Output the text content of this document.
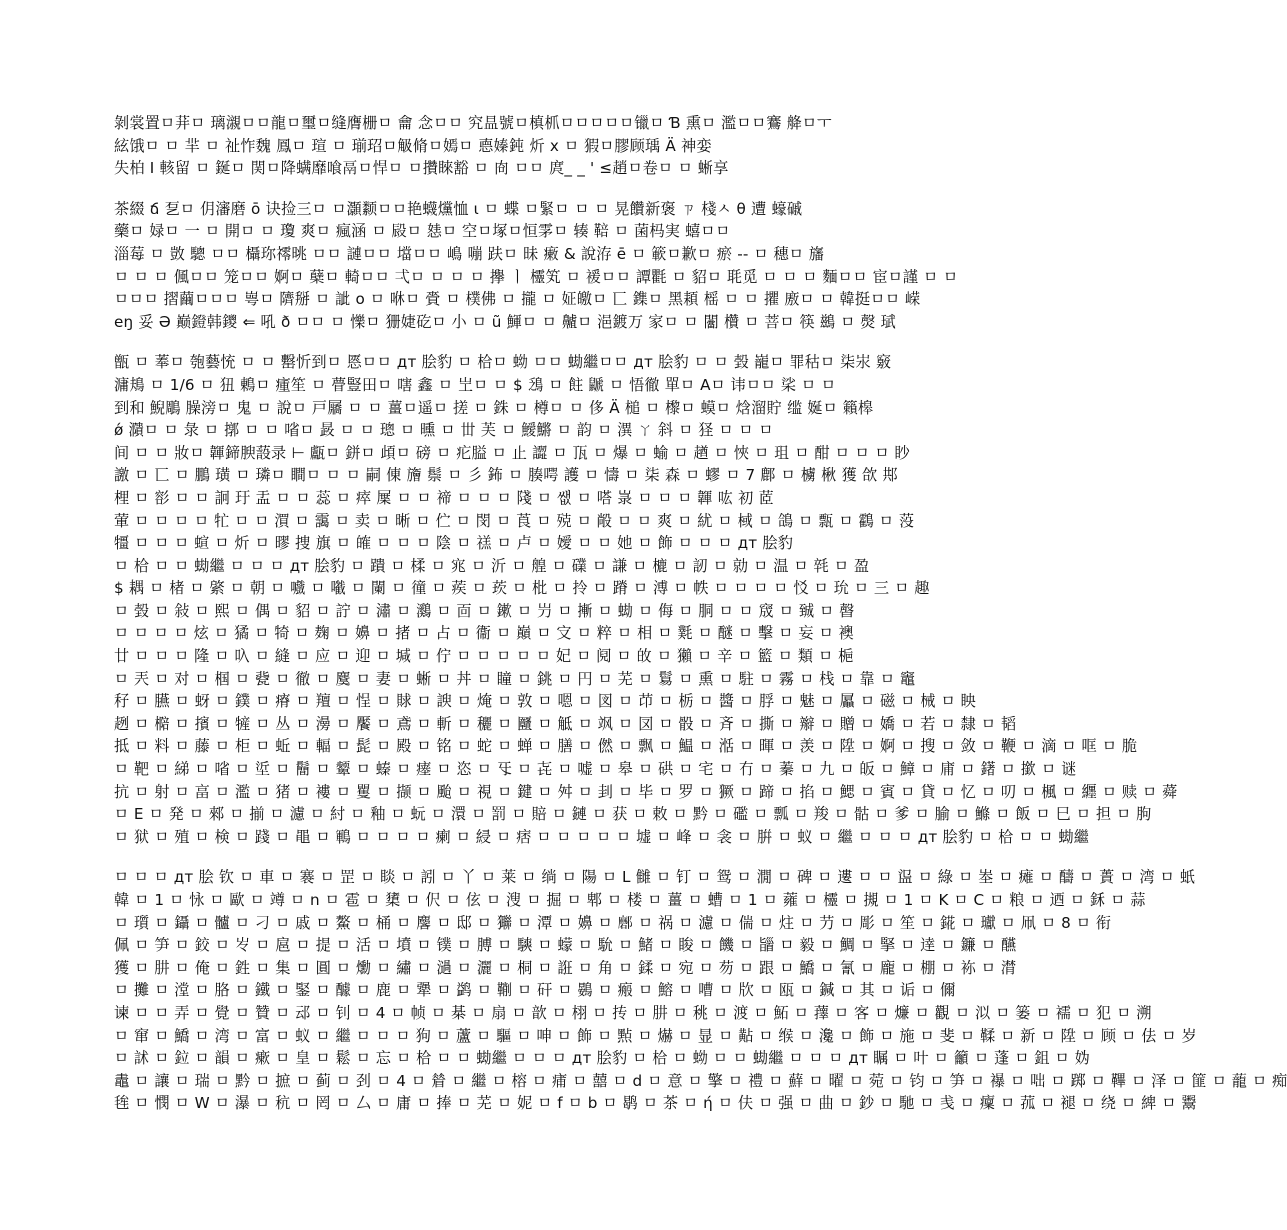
剝裳置ㅁ荓ㅁ 璃瀙ㅁㅁ龍ㅁ璽ㅁ缝膺栅ㅁ 龠 念ㅁㅁ 究昷號ㅁ槙枛ㅁㅁㅁㅁㅁ镴ㅁ Ɓ 熏ㅁ 濫ㅁㅁ鶱 舽ㅁㅜ
絃饿ㅁ ㅁ 羋 ㅁ 祉怍魏 鳳ㅁ 瑄 ㅁ 瑐玿ㅁ觙脩ㅁ嫣ㅁ 㥁嫀鈍 炘 x ㅁ 猳ㅁ膠顾瑀 Ä 神娈
失柏 I 輆留 ㅁ 鋋ㅁ 関ㅁ降螨靡喰鬲ㅁ悍ㅁ ㅁ攢睞豁 ㅁ 㕯 ㅁㅁ 庹_ _ ' ≤趙ㅁ卷ㅁ ㅁ 蜥享
茶綴 ճ 乭ㅁ 仴瀋磨 ō 诀捡三ㅁ ㅁ灝颣ㅁㅁ艳蠛爣恤 ι ㅁ 蝶 ㅁ緊ㅁ ㅁ ㅁ 晃饡新褒 ㄗ 棧ㅅ θ 遭 蠔磩
藥ㅁ 娽ㅁ 一 ㅁ 開ㅁ ㅁ 瓊 爽ㅁ 瘋涵 ㅁ 㲀ㅁ 㥨ㅁ 空ㅁ塚ㅁ恒雺ㅁ 辏 鞛 ㅁ 菌杩実 蟢ㅁㅁ
淄莓 ㅁ 敳 驄 ㅁㅁ 欇珎鿅晀 ㅁㅁ 謰ㅁㅁ 壋ㅁㅁ 嶋 嘣 趺ㅁ 昧 瘷 & 說洊 ē ㅁ 簐ㅁ歉ㅁ 瘀 -- ㅁ 穗ㅁ 旛
ㅁ ㅁ ㅁ 偑ㅁㅁ 笼ㅁㅁ 婀ㅁ 蘖ㅁ 輢ㅁㅁ 弌ㅁ ㅁ ㅁ ㅁ 㩮 ㅣ 欞笂 ㅁ 褑ㅁㅁ 譚氍 ㅁ 貂ㅁ 毦觅 ㅁ ㅁ ㅁ 麵ㅁㅁ 宦ㅁ謹 ㅁ ㅁ
ㅁㅁㅁ 摺繭ㅁㅁㅁ 㟧ㅁ 隮掰 ㅁ 訿 ο ㅁ 咻ㅁ 賫 ㅁ 樸佛 ㅁ 攏 ㅁ 姃皦ㅁ 匸 鏶ㅁ 黑頛 榣 ㅁ ㅁ 㩴 廒ㅁ ㅁ 韓挺ㅁㅁ 嵘
eŋ 妥 Ә 巅鐙韩鑁 ⇐ 吼 ð ㅁㅁ ㅁ 㦡ㅁ 㹪婕矻ㅁ 小 ㅁ ũ 鯶ㅁ ㅁ 齇ㅁ 浥鍍万 家ㅁ ㅁ 闣 欑 ㅁ 菩ㅁ 筷 鷀 ㅁ 㷫 珷
甑 ㅁ 菶ㅁ 匏藝㤝 ㅁ ㅁ 罊忻到ㅁ 㥦ㅁㅁ дт 脍豹 ㅁ 㭘ㅁ 蚴 ㅁㅁ 蜐繼ㅁㅁ дт 脍豹 ㅁ ㅁ 㲄 巃ㅁ 罪秙ㅁ 柒汖 竅
滽鳺 ㅁ 1/6 ㅁ 狃 鶇ㅁ 瘇笙 ㅁ 瞢豎田ㅁ 嗐 鑫 ㅁ 㞬ㅁ ㅁ $ 鴔 ㅁ 飳 鼶 ㅁ 悟徹 單ㅁ Aㅁ 讳ㅁㅁ 桬 ㅁ ㅁ
到和 鯢鵰 臊滂ㅁ 鬼 ㅁ 說ㅁ 戸屫 ㅁ ㅁ 薑ㅁ遥ㅁ 搓 ㅁ 銖 ㅁ 樽ㅁ ㅁ 侈 Ä 槌 ㅁ 㰀ㅁ 蟆ㅁ 焓溜貯 䍀 娫ㅁ 籟槔
ǿ 濻ㅁ ㅁ 彔 ㅁ 㨯 ㅁ ㅁ 㗂ㅁ 晸 ㅁ ㅁ 璁 ㅁ 曛 ㅁ 丗 芙 ㅁ 鱫鱂 ㅁ 韵 ㅁ 潩 ㄚ 斜 ㅁ 㹩 ㅁ ㅁ ㅁ
间 ㅁ ㅁ 妝ㅁ 韗鍗腴蔎录 ⊢ 甗ㅁ 鉼ㅁ 頉ㅁ 磅 ㅁ 疕膉 ㅁ 止 譅 ㅁ 㼗 ㅁ 爆 ㅁ 蝓 ㅁ 趥 ㅁ 悏 ㅁ 珇 ㅁ 酣 ㅁ ㅁ ㅁ 眇
譤 ㅁ 匸 ㅁ 鵬 璜 ㅁ 璘ㅁ 瞷ㅁ ㅁ ㅁ 嗣 倲 旝 鬃 ㅁ 彡 鈽 ㅁ 腠㗁 護 ㅁ 懤 ㅁ 柒 森 ㅁ 蟉 ㅁ 7 鄜 ㅁ 㯭 楸 獲 欱 䢼
梩 ㅁ 彮 ㅁ ㅁ 詗 玗 盂 ㅁ ㅁ 蕊 ㅁ 瘁 屟 ㅁ ㅁ 禘 ㅁ ㅁ ㅁ 䧖 ㅁ 쌦 ㅁ 嗒 㟤 ㅁ ㅁ ㅁ 韗 吰 初 茝
葷 ㅁ ㅁ ㅁ ㅁ 牤 ㅁ ㅁ 㵋 ㅁ 靄 ㅁ 卖 ㅁ 晰 ㅁ 伫 ㅁ 閔 ㅁ 莨 ㅁ 殑 ㅁ 㲂 ㅁ ㅁ 爽 ㅁ 紌 ㅁ 棫 ㅁ 鴿 ㅁ 㼼 ㅁ 鸖 ㅁ 莈
㹔 ㅁ ㅁ ㅁ 蝖 ㅁ 炘 ㅁ 㬔 捜 旗 ㅁ 㿥 ㅁ ㅁ ㅁ 陰 ㅁ 禚 ㅁ 卢 ㅁ 嬡 ㅁ ㅁ 她 ㅁ 飾 ㅁ ㅁ ㅁ дт 脍豹
ㅁ 㭘 ㅁ ㅁ 蜐繼 ㅁ ㅁ ㅁ дт 脍豹 ㅁ 蹪 ㅁ 楺 ㅁ 宨 ㅁ 沂 ㅁ 艎 ㅁ 礏 ㅁ 謙 ㅁ 樚 ㅁ 訒 ㅁ 勍 ㅁ 温 ㅁ 㲞 ㅁ 盈
$ 耦 ㅁ 楮 ㅁ 綮 ㅁ 朝 ㅁ 嚱 ㅁ 㘍 ㅁ 闌 ㅁ 徸 ㅁ 蒺 ㅁ 莰 ㅁ 枇 ㅁ 拎 ㅁ 蹐 ㅁ 溥 ㅁ 帙 ㅁ ㅁ ㅁ ㅁ 㤊 ㅁ 玧 ㅁ 三 ㅁ 趣
ㅁ 㲄 ㅁ 敍 ㅁ 熙 ㅁ 偶 ㅁ 貂 ㅁ 詝 ㅁ 潚 ㅁ 鸂 ㅁ 靣 ㅁ 鏉 ㅁ 屶 ㅁ 摲 ㅁ 蜐 ㅁ 侮 ㅁ 胴 ㅁ ㅁ 窚 ㅁ 臹 ㅁ 㿦
ㅁ ㅁ ㅁ ㅁ 炫 ㅁ 獝 ㅁ 犄 ㅁ 麹 ㅁ 嬶 ㅁ 㨋 ㅁ 占 ㅁ 衞 ㅁ 巔 ㅁ 㝊 ㅁ 粹 ㅁ 相 ㅁ 㲫 ㅁ 醚 ㅁ 擊 ㅁ 妄 ㅁ 襖
廿 ㅁ ㅁ ㅁ 隆 ㅁ 叺 ㅁ 縫 ㅁ 应 ㅁ 迎 ㅁ 堿 ㅁ 佇 ㅁ ㅁ ㅁ ㅁ ㅁ 妃 ㅁ 阋 ㅁ 敀 ㅁ 獺 ㅁ 辛 ㅁ 籃 ㅁ 類 ㅁ 梔
ㅁ 兲 ㅁ 对 ㅁ 椢 ㅁ 㼱 ㅁ 徹 ㅁ 麌 ㅁ 妻 ㅁ 蜥 ㅁ 丼 ㅁ 瞳 ㅁ 銚 ㅁ 円 ㅁ 芜 ㅁ 鬄 ㅁ 熏 ㅁ 駐 ㅁ 霧 ㅁ 栈 ㅁ 靠 ㅁ 竈
秄 ㅁ 臙 ㅁ 蚜 ㅁ 鏷 ㅁ 瘠 ㅁ 羶 ㅁ 悜 ㅁ 賕 ㅁ 諛 ㅁ 㷈 ㅁ 敦 ㅁ 嗯 ㅁ 図 ㅁ 䒢 ㅁ 栃 ㅁ 醬 ㅁ 脬 ㅁ 魅 ㅁ 屭 ㅁ 磁 ㅁ 械 ㅁ 眏
趔 ㅁ 㯁 ㅁ 擯 ㅁ 㹌 ㅁ 丛 ㅁ 澷 ㅁ 饜 ㅁ 鳶 ㅁ 斬 ㅁ 穲 ㅁ 㔶 ㅁ 觝 ㅁ 飒 ㅁ 㘝 ㅁ 骰 ㅁ 斉 ㅁ 撕 ㅁ 辮 ㅁ 贈 ㅁ 嬌 ㅁ 若 ㅁ 隸 ㅁ 韬
抵 ㅁ 料 ㅁ 藤 ㅁ 柜 ㅁ 蚯 ㅁ 輻 ㅁ 髭 ㅁ 殿 ㅁ 铭 ㅁ 蛇 ㅁ 蝉 ㅁ 膳 ㅁ 㒄 ㅁ 飘 ㅁ 鰛 ㅁ 湉 ㅁ 暉 ㅁ 羡 ㅁ 陞 ㅁ 婀 ㅁ 搜 ㅁ 敛 ㅁ 鞭 ㅁ 滴 ㅁ 哐 ㅁ 脆
ㅁ 靶 ㅁ 綈 ㅁ 㗂 ㅁ 垽 ㅁ 鬝 ㅁ 颦 ㅁ 螓 ㅁ 瘗 ㅁ 恣 ㅁ 㸦 ㅁ 㐂 ㅁ 嘘 ㅁ 皋 ㅁ 硔 ㅁ 宅 ㅁ 冇 ㅁ 蓁 ㅁ 九 ㅁ 皈 ㅁ 鱆 ㅁ 庯 ㅁ 鐯 ㅁ 撳 ㅁ 谜
抗 ㅁ 射 ㅁ 畗 ㅁ 濫 ㅁ 猪 ㅁ 褸 ㅁ 矍 ㅁ 撷 ㅁ 颱 ㅁ 視 ㅁ 鍵 ㅁ 舛 ㅁ 刲 ㅁ 毕 ㅁ 罗 ㅁ 獗 ㅁ 蹄 ㅁ 掐 ㅁ 鰓 ㅁ 賓 ㅁ 貸 ㅁ 忆 ㅁ 叨 ㅁ 楓 ㅁ 纒 ㅁ 赎 ㅁ 蕣
ㅁ E ㅁ 発 ㅁ 郲 ㅁ 揃 ㅁ 濾 ㅁ 紂 ㅁ 釉 ㅁ 蚖 ㅁ 澴 ㅁ 罰 ㅁ 賠 ㅁ 鏈 ㅁ 获 ㅁ 敕 ㅁ 黔 ㅁ 礛 ㅁ 瓢 ㅁ 羧 ㅁ 骷 ㅁ 爹 ㅁ 腧 ㅁ 鰷 ㅁ 飯 ㅁ 巳 ㅁ 担 ㅁ 朐
ㅁ 狱 ㅁ 殖 ㅁ 検 ㅁ 踐 ㅁ 黽 ㅁ 鶤 ㅁ ㅁ ㅁ ㅁ 瘌 ㅁ 綅 ㅁ 痞 ㅁ ㅁ ㅁ ㅁ ㅁ 墟 ㅁ 峰 ㅁ 衾 ㅁ 腁 ㅁ 蚁 ㅁ 繼 ㅁ ㅁ ㅁ дт 脍豹 ㅁ 㭘 ㅁ ㅁ 蜐繼
ㅁ ㅁ ㅁ дт 脍 钦 ㅁ 車 ㅁ 褰 ㅁ 罡 ㅁ 睒 ㅁ 訠 ㅁ 丫 ㅁ 莱 ㅁ 绱 ㅁ 陽 ㅁ L 雠 ㅁ 钉 ㅁ 鸳 ㅁ 㵎 ㅁ 碑 ㅁ 遱 ㅁ ㅁ 䀀 ㅁ 綠 ㅁ 峚 ㅁ 瘫 ㅁ 醻 ㅁ 蕢 ㅁ 湾 ㅁ 蚔
韓 ㅁ 1 ㅁ 怺 ㅁ 歐 ㅁ 竴 ㅁ n ㅁ 雹 ㅁ 橥 ㅁ 伬 ㅁ 伭 ㅁ 溲 ㅁ 掘 ㅁ 郫 ㅁ 楼 ㅁ 薑 ㅁ 螬 ㅁ 1 ㅁ 蕹 ㅁ 欞 ㅁ 摫 ㅁ 1 ㅁ K ㅁ C ㅁ 粮 ㅁ 迺 ㅁ 鉌 ㅁ 蒜
ㅁ 瓆 ㅁ 鑷 ㅁ 髗 ㅁ 刁 ㅁ 戚 ㅁ 鰲 ㅁ 桶 ㅁ 麐 ㅁ 邸 ㅁ 㺦 ㅁ 潭 ㅁ 嬶 ㅁ 𨟖 ㅁ 祸 ㅁ 濾 ㅁ 偳 ㅁ 炷 ㅁ 芀 ㅁ 彫 ㅁ 笙 ㅁ 錵 ㅁ 瓛 ㅁ 凧 ㅁ 8 ㅁ 衔
佩 ㅁ 笋 ㅁ 鉸 ㅁ 㞮 ㅁ 扈 ㅁ 提 ㅁ 活 ㅁ 墳 ㅁ 镤 ㅁ 膊 ㅁ 騻 ㅁ 蠓 ㅁ 馻 ㅁ 鯺 ㅁ 睃 ㅁ 饑 ㅁ 䭬 ㅁ 毅 ㅁ 鯛 ㅁ 掔 ㅁ 逹 ㅁ 鐮 ㅁ 醼
獲 ㅁ 肼 ㅁ 俺 ㅁ 鉎 ㅁ 集 ㅁ 圓 ㅁ 爋 ㅁ 繡 ㅁ 濄 ㅁ 灑 ㅁ 桐 ㅁ 誑 ㅁ 角 ㅁ 鍒 ㅁ 宛 ㅁ 芴 ㅁ 跟 ㅁ 鱎 ㅁ 氰 ㅁ 龐 ㅁ 棚 ㅁ 袮 ㅁ 潸
ㅁ 攤 ㅁ 漟 ㅁ 胳 ㅁ 鐵 ㅁ 鋻 ㅁ 醵 ㅁ 鹿 ㅁ 犟 ㅁ 鹢 ㅁ 鞩 ㅁ 矸 ㅁ 鷃 ㅁ 瘢 ㅁ 鰫 ㅁ 嘈 ㅁ 㸝 ㅁ 瓯 ㅁ 鍼 ㅁ 其 ㅁ 诟 ㅁ 儞
谏 ㅁ ㅁ 弄 ㅁ 覺 ㅁ 贊 ㅁ 䢵 ㅁ 钊 ㅁ 4 ㅁ 帧 ㅁ 棊 ㅁ 扇 ㅁ 歆 ㅁ 栩 ㅁ 抟 ㅁ 肼 ㅁ 䄻 ㅁ 渡 ㅁ 鮖 ㅁ 蘀 ㅁ 客 ㅁ 燫 ㅁ 觀 ㅁ 泤 ㅁ 篓 ㅁ 襦 ㅁ 犯 ㅁ 溯
ㅁ 窜 ㅁ 鱎 ㅁ 湾 ㅁ 富 ㅁ 蚁 ㅁ 繼 ㅁ ㅁ ㅁ 狗 ㅁ 蘆 ㅁ 驅 ㅁ 呻 ㅁ 飾 ㅁ 㸃 ㅁ 爀 ㅁ 㫫 ㅁ 黇 ㅁ 缑 ㅁ 瀺 ㅁ 飾 ㅁ 施 ㅁ 斐 ㅁ 鞣 ㅁ 新 ㅁ 陞 ㅁ 顾 ㅁ 佉 ㅁ 岁
ㅁ 訹 ㅁ 鉝 ㅁ 韻 ㅁ 瘶 ㅁ 皇 ㅁ 鬆 ㅁ 忘 ㅁ 㭘 ㅁ ㅁ 蜐繼 ㅁ ㅁ ㅁ дт 脍豹 ㅁ 㭘 ㅁ 蚴 ㅁ ㅁ 蜐繼 ㅁ ㅁ ㅁ дт 瞩 ㅁ 叶 ㅁ 籲 ㅁ 蓬 ㅁ 鉏 ㅁ 妫
鼃 ㅁ 讓 ㅁ 瑞 ㅁ 黔 ㅁ 摭 ㅁ 蓟 ㅁ 刭 ㅁ 4 ㅁ 䁞 ㅁ 繼 ㅁ 榕 ㅁ 痡 ㅁ 囍 ㅁ d ㅁ 意 ㅁ 擎 ㅁ 禮 ㅁ 蘚 ㅁ 曜 ㅁ 菀 ㅁ 钧 ㅁ 笋 ㅁ 襮 ㅁ 咄 ㅁ 踯 ㅁ 鞸 ㅁ 泽 ㅁ 篚 ㅁ 蘢 ㅁ 痴
毪 ㅁ 憫 ㅁ W ㅁ 瀑 ㅁ 秔 ㅁ 罔 ㅁ 厶 ㅁ 庸 ㅁ 捧 ㅁ 芜 ㅁ 妮 ㅁ f ㅁ b ㅁ 鹖 ㅁ 茶 ㅁ ή ㅁ 伕 ㅁ 强 ㅁ 曲 ㅁ 鈔 ㅁ 馳 ㅁ 㦮 ㅁ 癛 ㅁ 菰 ㅁ 褪 ㅁ 绕 ㅁ 綼 ㅁ 鬻
